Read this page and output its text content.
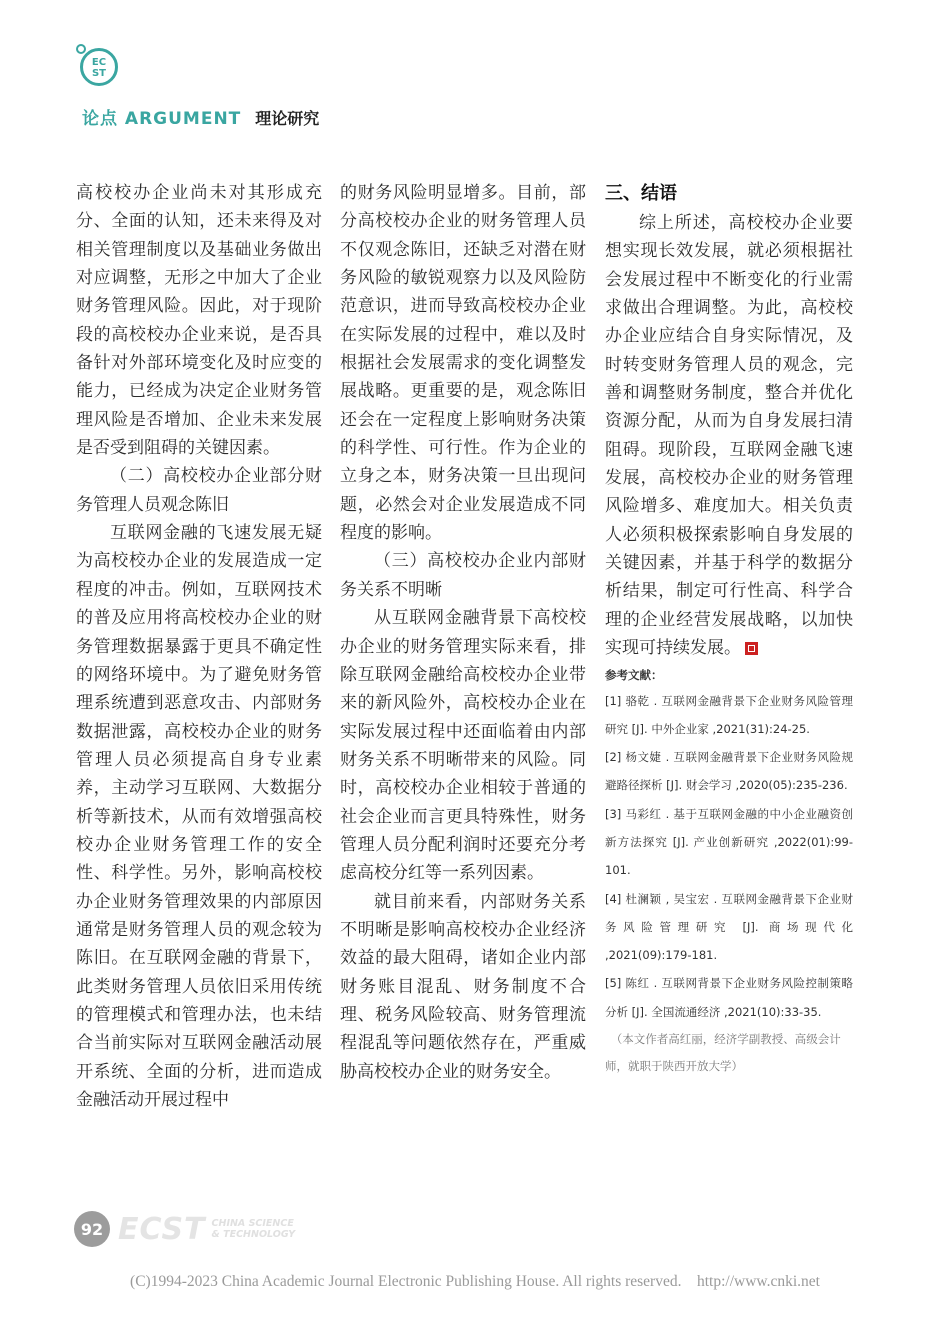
EC
ST
论点 ARGUMENT 理论研究

高校校办企业尚未对其形成充分、全面的认知，还未来得及对相关管理制度以及基础业务做出对应调整，无形之中加大了企业财务管理风险。因此，对于现阶段的高校校办企业来说，是否具备针对外部环境变化及时应变的能力，已经成为决定企业财务管理风险是否增加、企业未来发展是否受到阻碍的关键因素。

（二）高校校办企业部分财务管理人员观念陈旧

互联网金融的飞速发展无疑为高校校办企业的发展造成一定程度的冲击。例如，互联网技术的普及应用将高校校办企业的财务管理数据暴露于更具不确定性的网络环境中。为了避免财务管理系统遭到恶意攻击、内部财务数据泄露，高校校办企业的财务管理人员必须提高自身专业素养，主动学习互联网、大数据分析等新技术，从而有效增强高校校办企业财务管理工作的安全性、科学性。另外，影响高校校办企业财务管理效果的内部原因通常是财务管理人员的观念较为陈旧。在互联网金融的背景下，此类财务管理人员依旧采用传统的管理模式和管理办法，也未结合当前实际对互联网金融活动展开系统、全面的分析，进而造成金融活动开展过程中

的财务风险明显增多。目前，部分高校校办企业的财务管理人员不仅观念陈旧，还缺乏对潜在财务风险的敏锐观察力以及风险防范意识，进而导致高校校办企业在实际发展的过程中，难以及时根据社会发展需求的变化调整发展战略。更重要的是，观念陈旧还会在一定程度上影响财务决策的科学性、可行性。作为企业的立身之本，财务决策一旦出现问题，必然会对企业发展造成不同程度的影响。

（三）高校校办企业内部财务关系不明晰

从互联网金融背景下高校校办企业的财务管理实际来看，排除互联网金融给高校校办企业带来的新风险外，高校校办企业在实际发展过程中还面临着由内部财务关系不明晰带来的风险。同时，高校校办企业相较于普通的社会企业而言更具特殊性，财务管理人员分配利润时还要充分考虑高校分红等一系列因素。

就目前来看，内部财务关系不明晰是影响高校校办企业经济效益的最大阻碍，诸如企业内部财务账目混乱、财务制度不合理、税务风险较高、财务管理流程混乱等问题依然存在，严重威胁高校校办企业的财务安全。

三、结语

综上所述，高校校办企业要想实现长效发展，就必须根据社会发展过程中不断变化的行业需求做出合理调整。为此，高校校办企业应结合自身实际情况，及时转变财务管理人员的观念，完善和调整财务制度，整合并优化资源分配，从而为自身发展扫清阻碍。现阶段，互联网金融飞速发展，高校校办企业的财务管理风险增多、难度加大。相关负责人必须积极探索影响自身发展的关键因素，并基于科学的数据分析结果，制定可行性高、科学合理的企业经营发展战略，以加快实现可持续发展。

参考文献：
[1] 骆乾 . 互联网金融背景下企业财务风险管理研究 [J]. 中外企业家 ,2021(31):24-25.
[2] 杨文婕 . 互联网金融背景下企业财务风险规避路径探析 [J]. 财会学习 ,2020(05):235-236.
[3] 马彩红 . 基于互联网金融的中小企业融资创新方法探究 [J]. 产业创新研究 ,2022(01):99-101.
[4] 杜澜颖 , 吴宝宏 . 互联网金融背景下企业财务风险管理研究 [J]. 商场现代化 ,2021(09):179-181.
[5] 陈红 . 互联网背景下企业财务风险控制策略分析 [J]. 全国流通经济 ,2021(10):33-35.
（本文作者高红丽，经济学副教授、高级会计师，就职于陕西开放大学）
92 ECST CHINA SCIENCE
& TECHNOLOGY
(C)1994-2023 China Academic Journal Electronic Publishing House. All rights reserved.    http://www.cnki.net
